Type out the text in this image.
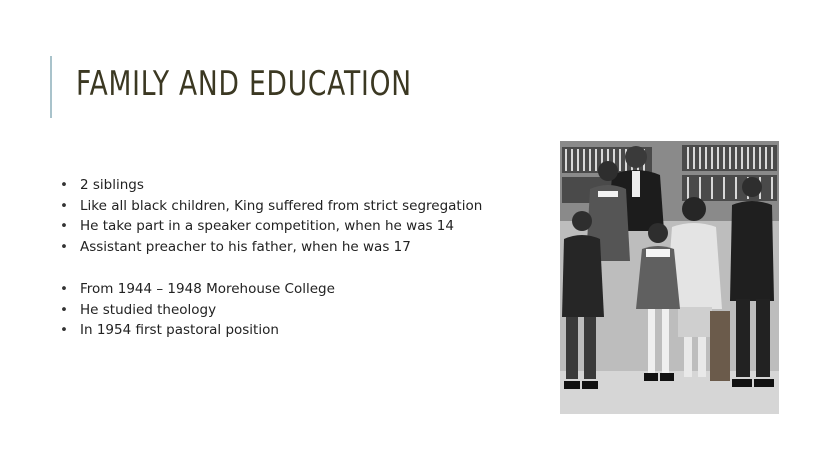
FAMILY AND EDUCATION
• 2 siblings
• Like all black children, King suffered from strict segregation
• He take part in a speaker competition, when he was 14
• Assistant preacher to his father, when he was 17
• From 1944 – 1948 Morehouse College
• He studied theology
• In 1954 first pastoral position
